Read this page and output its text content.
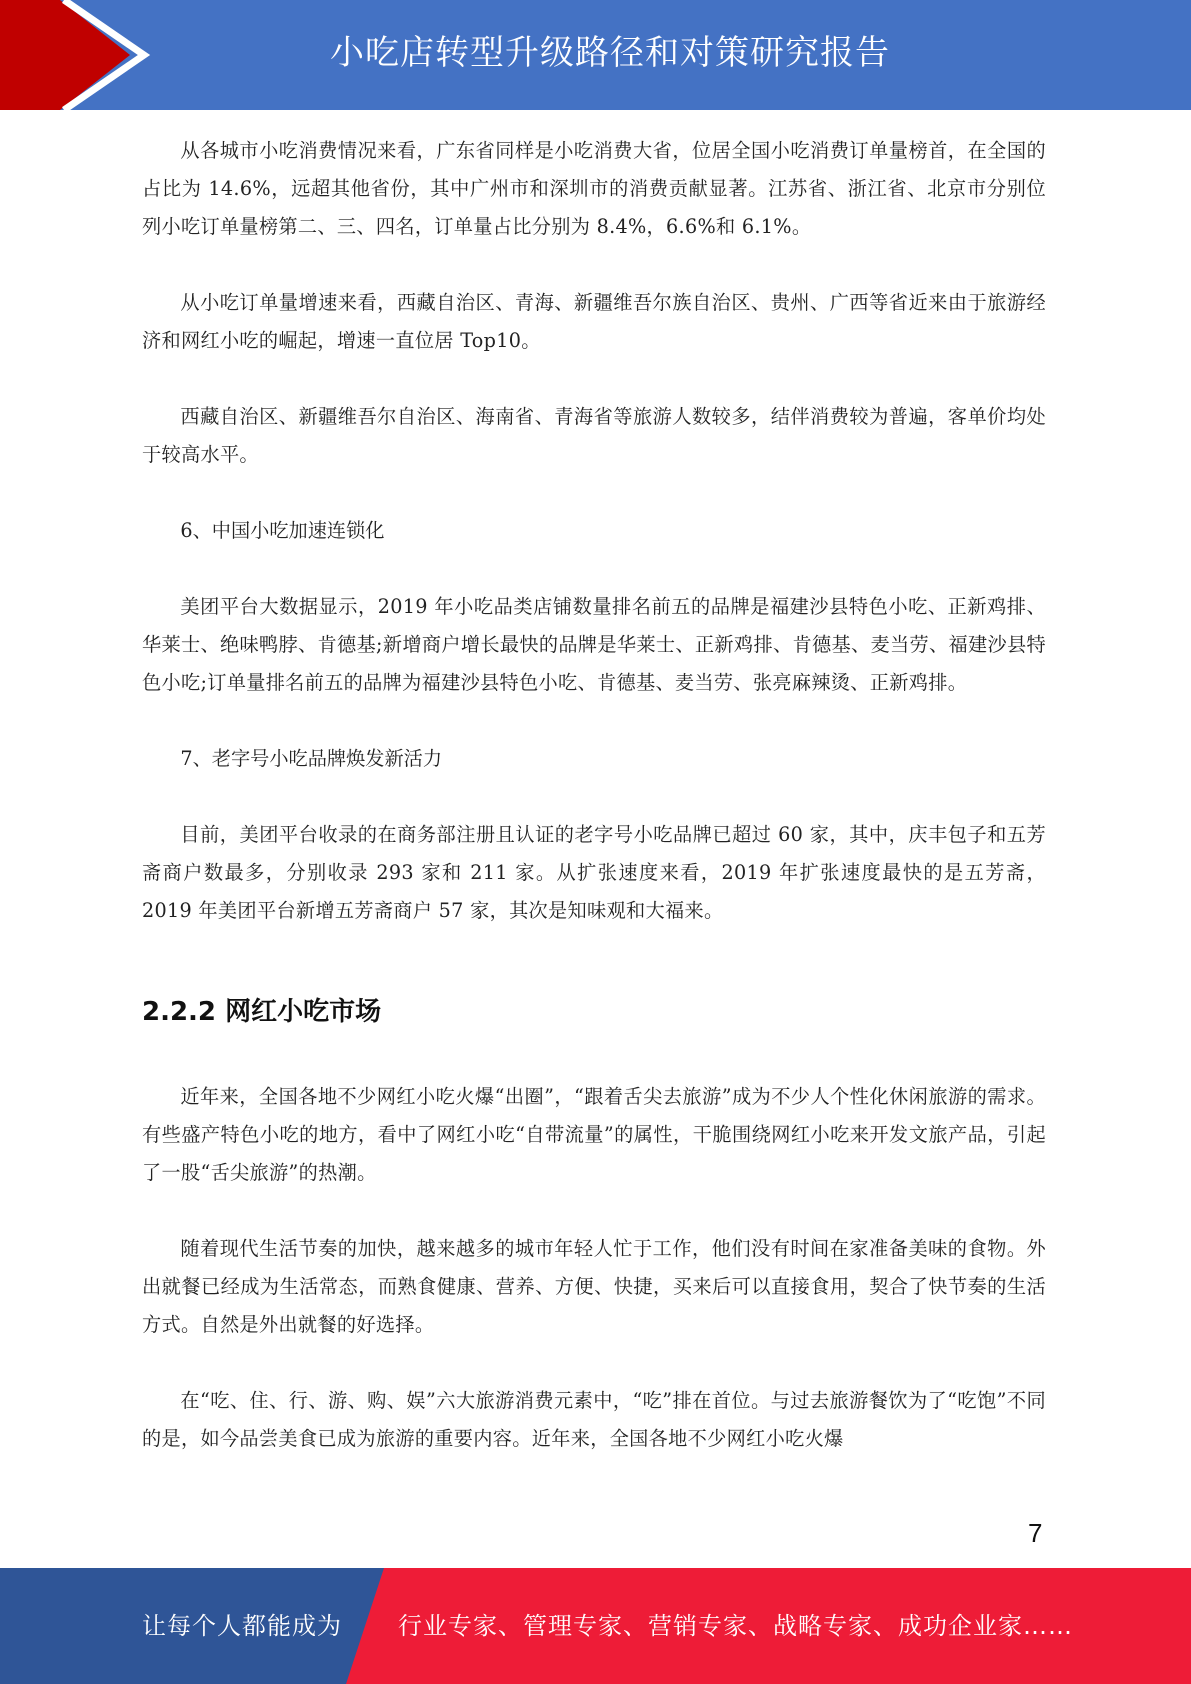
小吃店转型升级路径和对策研究报告

从各城市小吃消费情况来看，广东省同样是小吃消费大省，位居全国小吃消费订单量榜首，在全国的占比为 14.6%，远超其他省份，其中广州市和深圳市的消费贡献显著。江苏省、浙江省、北京市分别位列小吃订单量榜第二、三、四名，订单量占比分别为 8.4%，6.6%和 6.1%。

从小吃订单量增速来看，西藏自治区、青海、新疆维吾尔族自治区、贵州、广西等省近来由于旅游经济和网红小吃的崛起，增速一直位居 Top10。

西藏自治区、新疆维吾尔自治区、海南省、青海省等旅游人数较多，结伴消费较为普遍，客单价均处于较高水平。

6、中国小吃加速连锁化

美团平台大数据显示，2019 年小吃品类店铺数量排名前五的品牌是福建沙县特色小吃、正新鸡排、华莱士、绝味鸭脖、肯德基;新增商户增长最快的品牌是华莱士、正新鸡排、肯德基、麦当劳、福建沙县特色小吃;订单量排名前五的品牌为福建沙县特色小吃、肯德基、麦当劳、张亮麻辣烫、正新鸡排。

7、老字号小吃品牌焕发新活力

目前，美团平台收录的在商务部注册且认证的老字号小吃品牌已超过 60 家，其中，庆丰包子和五芳斋商户数最多，分别收录 293 家和 211 家。从扩张速度来看，2019 年扩张速度最快的是五芳斋，2019 年美团平台新增五芳斋商户 57 家，其次是知味观和大福来。

2.2.2 网红小吃市场

近年来，全国各地不少网红小吃火爆“出圈”，“跟着舌尖去旅游”成为不少人个性化休闲旅游的需求。有些盛产特色小吃的地方，看中了网红小吃“自带流量”的属性，干脆围绕网红小吃来开发文旅产品，引起了一股“舌尖旅游”的热潮。

随着现代生活节奏的加快，越来越多的城市年轻人忙于工作，他们没有时间在家准备美味的食物。外出就餐已经成为生活常态，而熟食健康、营养、方便、快捷，买来后可以直接食用，契合了快节奏的生活方式。自然是外出就餐的好选择。

在“吃、住、行、游、购、娱”六大旅游消费元素中，“吃”排在首位。与过去旅游餐饮为了“吃饱”不同的是，如今品尝美食已成为旅游的重要内容。近年来，全国各地不少网红小吃火爆

7
让每个人都能成为 行业专家、管理专家、营销专家、战略专家、成功企业家……
